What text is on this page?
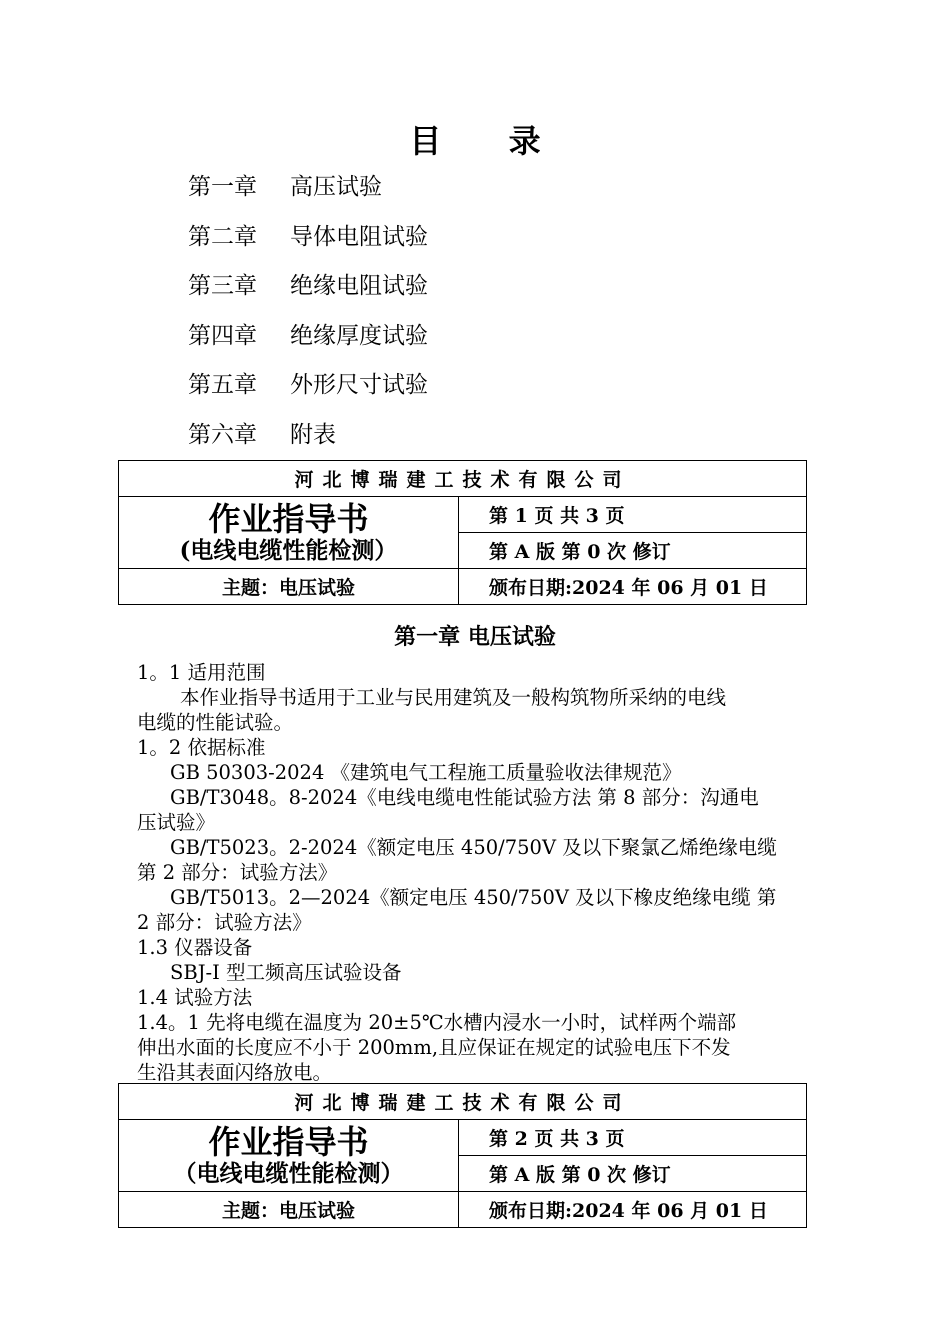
目 录
第一章 高压试验
第二章 导体电阻试验
第三章 绝缘电阻试验
第四章 绝缘厚度试验
第五章 外形尺寸试验
第六章 附表
河北博瑞建工技术有限公司	

作业指导书
(电线电缆性能检测）	第 1 页 共 3 页
	第 A 版 第 0 次 修订
主题：电压试验	颁布日期:2024 年 06 月 01 日
第一章 电压试验
1。1 适用范围
本作业指导书适用于工业与民用建筑及一般构筑物所采纳的电线
电缆的性能试验。
1。2 依据标准
GB 50303-2024 《建筑电气工程施工质量验收法律规范》
GB/T3048。8-2024《电线电缆电性能试验方法 第 8 部分：沟通电
压试验》
GB/T5023。2-2024《额定电压 450/750V 及以下聚氯乙烯绝缘电缆
第 2 部分：试验方法》
GB/T5013。2—2024《额定电压 450/750V 及以下橡皮绝缘电缆 第
2 部分：试验方法》
1.3 仪器设备
SBJ-I 型工频高压试验设备
1.4 试验方法
1.4。1 先将电缆在温度为 20±5℃水槽内浸水一小时，试样两个端部
伸出水面的长度应不小于 200mm,且应保证在规定的试验电压下不发
生沿其表面闪络放电。
河北博瑞建工技术有限公司	

作业指导书
（电线电缆性能检测）	第 2 页 共 3 页
	第 A 版 第 0 次 修订
主题：电压试验	颁布日期:2024 年 06 月 01 日
